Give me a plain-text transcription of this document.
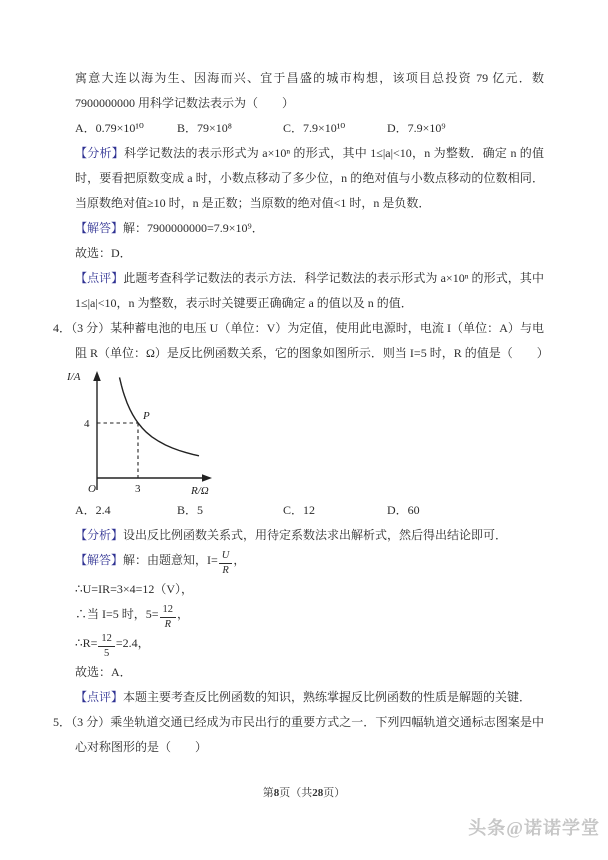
寓意大连以海为生、因海而兴、宜于昌盛的城市构想，该项目总投资 79 亿元．数 7900000000 用科学记数法表示为（　　）

A．0.79×10¹⁰	B．79×10⁸	C．7.9×10¹⁰	D．7.9×10⁹

【分析】科学记数法的表示形式为 a×10ⁿ 的形式，其中 1≤|a|<10，n 为整数．确定 n 的值时，要看把原数变成 a 时，小数点移动了多少位，n 的绝对值与小数点移动的位数相同．当原数绝对值≥10 时，n 是正数；当原数的绝对值<1 时，n 是负数．

【解答】解：7900000000=7.9×10⁹．

故选：D．

【点评】此题考查科学记数法的表示方法．科学记数法的表示形式为 a×10ⁿ 的形式，其中 1≤|a|<10，n 为整数，表示时关键要正确确定 a 的值以及 n 的值．

4．（3 分）某种蓄电池的电压 U（单位：V）为定值，使用此电源时，电流 I（单位：A）与电阻 R（单位：Ω）是反比例函数关系，它的图象如图所示．则当 I=5 时，R 的值是（　　）

I/A
R/Ω
O	3
4
P
A．2.4	B．5	C．12	D．60

【分析】设出反比例函数关系式，用待定系数法求出解析式，然后得出结论即可．

【解答】解：由题意知，$I= \frac{U}{R}$ ，

∴U=IR=3×4=12（V），

∴当 I=5 时，$5= \frac{12}{R}$ ，

∴R= $\frac{12}{5} =2.4$，

故选：A．

【点评】本题主要考查反比例函数的知识，熟练掌握反比例函数的性质是解题的关键．

5．（3 分）乘坐轨道交通已经成为市民出行的重要方式之一．下列四幅轨道交通标志图案是中心对称图形的是（　　）

第8页（共28页）
头条@诺诺学堂
